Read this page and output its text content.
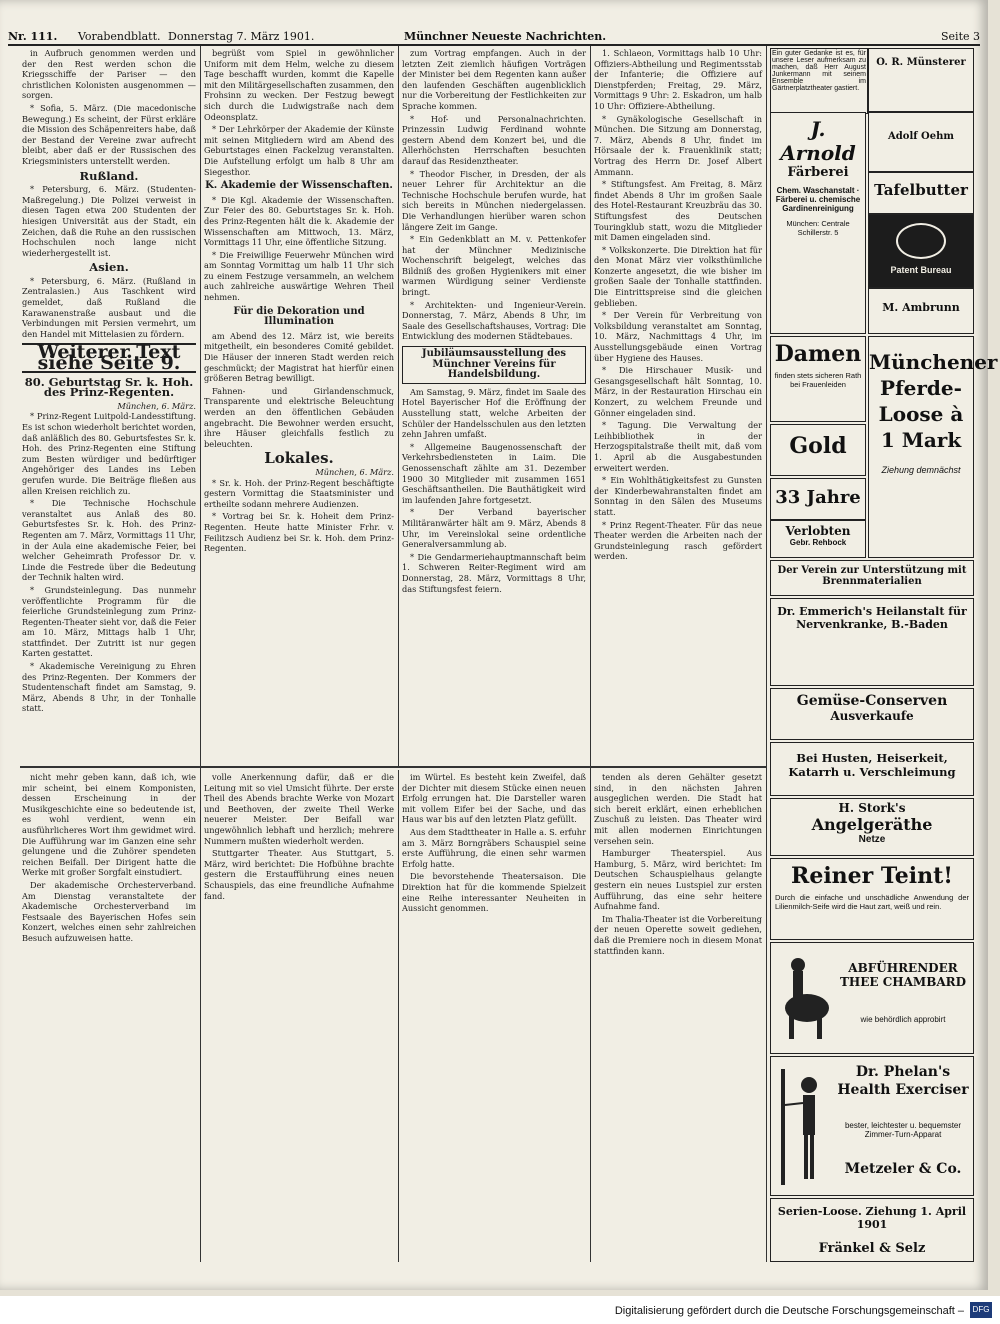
Nr. 111. Vorabendblatt. Donnerstag 7. März 1901.	Münchner Neueste Nachrichten.	Seite 3

in Aufbruch genommen werden und der den Rest werden schon die Kriegsschiffe der Pariser — den christlichen Kolonisten ausgenommen — sorgen.

* Sofia, 5. März. (Die macedonische Bewegung.) Es scheint, der Fürst erkläre die Mission des Schäpenreiters habe, daß der Bestand der Vereine zwar aufrecht bleibt, aber daß er der Russischen des Kriegsministers unterstellt werden.

Rußland.

* Petersburg, 6. März. (Studenten-Maßregelung.) Die Polizei verweist in diesen Tagen etwa 200 Studenten der hiesigen Universität aus der Stadt, ein Zeichen, daß die Ruhe an den russischen Hochschulen noch lange nicht wiederhergestellt ist.

Asien.

* Petersburg, 6. März. (Rußland in Zentralasien.) Aus Taschkent wird gemeldet, daß Rußland die Karawanenstraße ausbaut und die Verbindungen mit Persien vermehrt, um den Handel mit Mittelasien zu fördern.

Weiterer Text siehe Seite 9.
80. Geburtstag Sr. k. Hoh. des Prinz-Regenten.
München, 6. März.

* Prinz-Regent Luitpold-Landesstiftung. Es ist schon wiederholt berichtet worden, daß anläßlich des 80. Geburtsfestes Sr. k. Hoh. des Prinz-Regenten eine Stiftung zum Besten würdiger und bedürftiger Angehöriger des Landes ins Leben gerufen wurde. Die Beiträge fließen aus allen Kreisen reichlich zu.

* Die Technische Hochschule veranstaltet aus Anlaß des 80. Geburtsfestes Sr. k. Hoh. des Prinz-Regenten am 7. März, Vormittags 11 Uhr, in der Aula eine akademische Feier, bei welcher Geheimrath Professor Dr. v. Linde die Festrede über die Bedeutung der Technik halten wird.

* Grundsteinlegung. Das nunmehr veröffentlichte Programm für die feierliche Grundsteinlegung zum Prinz-Regenten-Theater sieht vor, daß die Feier am 10. März, Mittags halb 1 Uhr, stattfindet. Der Zutritt ist nur gegen Karten gestattet.

* Akademische Vereinigung zu Ehren des Prinz-Regenten. Der Kommers der Studentenschaft findet am Samstag, 9. März, Abends 8 Uhr, in der Tonhalle statt.

begrüßt vom Spiel in gewöhnlicher Uniform mit dem Helm, welche zu diesem Tage beschafft wurden, kommt die Kapelle mit den Militärgesellschaften zusammen, den Frohsinn zu wecken. Der Festzug bewegt sich durch die Ludwigstraße nach dem Odeonsplatz.

* Der Lehrkörper der Akademie der Künste mit seinen Mitgliedern wird am Abend des Geburtstages einen Fackelzug veranstalten. Die Aufstellung erfolgt um halb 8 Uhr am Siegesthor.

K. Akademie der Wissenschaften.

* Die Kgl. Akademie der Wissenschaften. Zur Feier des 80. Geburtstages Sr. k. Hoh. des Prinz-Regenten hält die k. Akademie der Wissenschaften am Mittwoch, 13. März, Vormittags 11 Uhr, eine öffentliche Sitzung.

* Die Freiwillige Feuerwehr München wird am Sonntag Vormittag um halb 11 Uhr sich zu einem Festzuge versammeln, an welchem auch zahlreiche auswärtige Wehren Theil nehmen.

Für die Dekoration und Illumination

am Abend des 12. März ist, wie bereits mitgetheilt, ein besonderes Comité gebildet. Die Häuser der inneren Stadt werden reich geschmückt; der Magistrat hat hierfür einen größeren Betrag bewilligt.

Fahnen- und Girlandenschmuck, Transparente und elektrische Beleuchtung werden an den öffentlichen Gebäuden angebracht. Die Bewohner werden ersucht, ihre Häuser gleichfalls festlich zu beleuchten.

Lokales.
München, 6. März.

* Sr. k. Hoh. der Prinz-Regent beschäftigte gestern Vormittag die Staatsminister und ertheilte sodann mehrere Audienzen.

* Vortrag bei Sr. k. Hoheit dem Prinz-Regenten. Heute hatte Minister Frhr. v. Feilitzsch Audienz bei Sr. k. Hoh. dem Prinz-Regenten.

zum Vortrag empfangen. Auch in der letzten Zeit ziemlich häufigen Vorträgen der Minister bei dem Regenten kann außer den laufenden Geschäften augenblicklich nur die Vorbereitung der Festlichkeiten zur Sprache kommen.

* Hof- und Personalnachrichten. Prinzessin Ludwig Ferdinand wohnte gestern Abend dem Konzert bei, und die Allerhöchsten Herrschaften besuchten darauf das Residenztheater.

* Theodor Fischer, in Dresden, der als neuer Lehrer für Architektur an die Technische Hochschule berufen wurde, hat sich bereits in München niedergelassen. Die Verhandlungen hierüber waren schon längere Zeit im Gange.

* Ein Gedenkblatt an M. v. Pettenkofer hat der Münchner Medizinische Wochenschrift beigelegt, welches das Bildniß des großen Hygienikers mit einer warmen Würdigung seiner Verdienste bringt.

* Architekten- und Ingenieur-Verein. Donnerstag, 7. März, Abends 8 Uhr, im Saale des Gesellschaftshauses, Vortrag: Die Entwicklung des modernen Städtebaues.

Jubiläumsausstellung des Münchner Vereins für Handelsbildung.

Am Samstag, 9. März, findet im Saale des Hotel Bayerischer Hof die Eröffnung der Ausstellung statt, welche Arbeiten der Schüler der Handelsschulen aus den letzten zehn Jahren umfaßt.

* Allgemeine Baugenossenschaft der Verkehrsbediensteten in Laim. Die Genossenschaft zählte am 31. Dezember 1900 30 Mitglieder mit zusammen 1651 Geschäftsantheilen. Die Bauthätigkeit wird im laufenden Jahre fortgesetzt.

* Der Verband bayerischer Militäranwärter hält am 9. März, Abends 8 Uhr, im Vereinslokal seine ordentliche Generalversammlung ab.

* Die Gendarmeriehauptmannschaft beim 1. Schweren Reiter-Regiment wird am Donnerstag, 28. März, Vormittags 8 Uhr, das Stiftungsfest feiern.

1. Schlaeon, Vormittags halb 10 Uhr: Offiziers-Abtheilung und Regimentsstab der Infanterie; die Offiziere auf Dienstpferden; Freitag, 29. März, Vormittags 9 Uhr: 2. Eskadron, um halb 10 Uhr: Offiziere-Abtheilung.

* Gynäkologische Gesellschaft in München. Die Sitzung am Donnerstag, 7. März, Abends 8 Uhr, findet im Hörsaale der k. Frauenklinik statt; Vortrag des Herrn Dr. Josef Albert Ammann.

* Stiftungsfest. Am Freitag, 8. März findet Abends 8 Uhr im großen Saale des Hotel-Restaurant Kreuzbräu das 30. Stiftungsfest des Deutschen Touringklub statt, wozu die Mitglieder mit Damen eingeladen sind.

* Volkskonzerte. Die Direktion hat für den Monat März vier volksthümliche Konzerte angesetzt, die wie bisher im großen Saale der Tonhalle stattfinden. Die Eintrittspreise sind die gleichen geblieben.

* Der Verein für Verbreitung von Volksbildung veranstaltet am Sonntag, 10. März, Nachmittags 4 Uhr, im Ausstellungsgebäude einen Vortrag über Hygiene des Hauses.

* Die Hirschauer Musik- und Gesangsgesellschaft hält Sonntag, 10. März, in der Restauration Hirschau ein Konzert, zu welchem Freunde und Gönner eingeladen sind.

* Tagung. Die Verwaltung der Leihbibliothek in der Herzogspitalstraße theilt mit, daß vom 1. April ab die Ausgabestunden erweitert werden.

* Ein Wohlthätigkeitsfest zu Gunsten der Kinderbewahranstalten findet am Sonntag in den Sälen des Museums statt.

* Prinz Regent-Theater. Für das neue Theater werden die Arbeiten nach der Grundsteinlegung rasch gefördert werden.

nicht mehr geben kann, daß ich, wie mir scheint, bei einem Komponisten, dessen Erscheinung in der Musikgeschichte eine so bedeutende ist, es wohl verdient, wenn ein ausführlicheres Wort ihm gewidmet wird. Die Aufführung war im Ganzen eine sehr gelungene und die Zuhörer spendeten reichen Beifall. Der Dirigent hatte die Werke mit großer Sorgfalt einstudiert.

Der akademische Orchesterverband. Am Dienstag veranstaltete der Akademische Orchesterverband im Festsaale des Bayerischen Hofes sein Konzert, welches einen sehr zahlreichen Besuch aufzuweisen hatte.

volle Anerkennung dafür, daß er die Leitung mit so viel Umsicht führte. Der erste Theil des Abends brachte Werke von Mozart und Beethoven, der zweite Theil Werke neuerer Meister. Der Beifall war ungewöhnlich lebhaft und herzlich; mehrere Nummern mußten wiederholt werden.

Stuttgarter Theater. Aus Stuttgart, 5. März, wird berichtet: Die Hofbühne brachte gestern die Erstaufführung eines neuen Schauspiels, das eine freundliche Aufnahme fand.

im Würtel. Es besteht kein Zweifel, daß der Dichter mit diesem Stücke einen neuen Erfolg errungen hat. Die Darsteller waren mit vollem Eifer bei der Sache, und das Haus war bis auf den letzten Platz gefüllt.

Aus dem Stadttheater in Halle a. S. erfuhr am 3. März Borngräbers Schauspiel seine erste Aufführung, die einen sehr warmen Erfolg hatte.

Die bevorstehende Theatersaison. Die Direktion hat für die kommende Spielzeit eine Reihe interessanter Neuheiten in Aussicht genommen.

tenden als deren Gehälter gesetzt sind, in den nächsten Jahren ausgeglichen werden. Die Stadt hat sich bereit erklärt, einen erheblichen Zuschuß zu leisten. Das Theater wird mit allen modernen Einrichtungen versehen sein.

Hamburger Theaterspiel. Aus Hamburg, 5. März, wird berichtet: Im Deutschen Schauspielhaus gelangte gestern ein neues Lustspiel zur ersten Aufführung, das eine sehr heitere Aufnahme fand.

Im Thalia-Theater ist die Vorbereitung der neuen Operette soweit gediehen, daß die Premiere noch in diesem Monat stattfinden kann.

Ein guter Gedanke ist es, für unsere Leser aufmerksam zu machen, daß Herr August Junkermann mit seinem Ensemble im Gärtnerplatztheater gastiert.
O. R. Münsterer
J. Arnold
Färberei
Chem. Waschanstalt · Färberei u. chemische Gardinenreinigung
München: Centrale Schillerstr. 5
Adolf Oehm
Tafelbutter
Patent Bureau
M. Ambrunn
Damen
finden stets sicheren Rath bei Frauenleiden
Gold
33 Jahre
Verlobten
Gebr. Rehbock
Münchener Pferde-Loose à 1 Mark
Ziehung demnächst
Der Verein zur Unterstützung mit Brennmaterialien
Dr. Emmerich's Heilanstalt für Nervenkranke, B.-Baden
Gemüse-Conserven
Ausverkaufe
Bei Husten, Heiserkeit, Katarrh u. Verschleimung
H. Stork's
Angelgeräthe
Netze
Reiner Teint!
Durch die einfache und unschädliche Anwendung der Lilienmilch-Seife wird die Haut zart, weiß und rein.
ABFÜHRENDER THEE CHAMBARD
wie behördlich approbirt
Dr. Phelan's Health Exerciser
bester, leichtester u. bequemster Zimmer-Turn-Apparat
Metzeler & Co.
Serien-Loose. Ziehung 1. April 1901
Fränkel & Selz
Digitalisierung gefördert durch die Deutsche Forschungsgemeinschaft –	DFG
